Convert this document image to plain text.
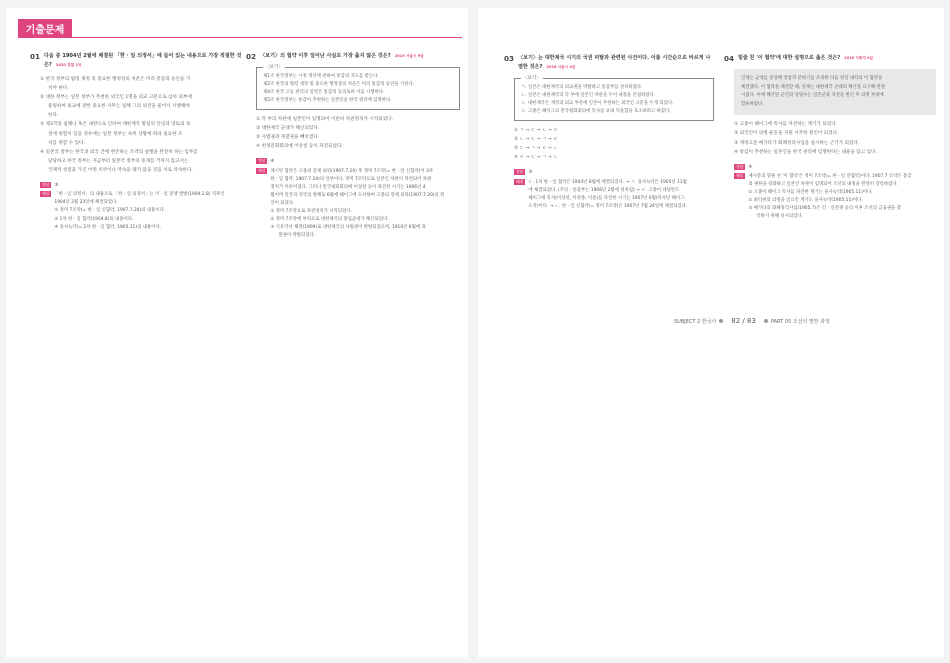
기출문제
01 다음 중 1904년 2월에 체결된 「한 · 일 의정서」에 들어 있는 내용으로 가장 적절한 것은? 2020 경찰 1차
① 한국 정부의 법령 제정 및 중요한 행정상의 처분은 미리 통감의 승인을 거
치야 한다.
② 대한 정부는 일본 정부가 추천한 외국인 1명을 외교 고문으로 삼아 외부에
용빙하여 외교에 관한 중요한 사무는 일체 그의 의견을 물어서 시행해야
한다.
③ 제3국의 침해나 혹은 내란으로 인하여 대한제국 황실의 안녕과 영토의 보
전에 위험이 있을 경우에는 일본 정부는 속히 상황에 따라 필요한 조
치를 취할 수 있다.
④ 일본국 정부는 한국과 외국 간에 현존하는 조약의 실행을 완전히 하는 임무를
담당하고 한국 정부는 지금부터 일본국 정부의 중개를 거치지 않고서는
국제적 성질을 가진 어떤 조약이나 약속을 맺지 않을 것을 서로 약속한다.
정답 ③
해설	「한 · 일 의정서」의 내용으로 「한 · 일 의정서」는 러 · 일 전쟁 발발(1904.2.8) 직후인
1904년 2월 23일에 체결되었다.
① 정미 7조약(= 한 · 일 신협약, 1907.7.24)의 내용이다.
② 1차 한 · 일 협약(1904.8)의 내용이다.
④ 을사늑약(= 2차 한 · 일 협약, 1905.11)의 내용이다.
02 〈보기〉의 협약 이후 일어난 사실로 가장 옳지 않은 것은? 2019 서울시 9급
〈보기〉
제1조 한국정부는 시정 개선에 관하여 통감의 지도를 받는다.
제2조 한국의 법령 제정 및 중요한 행정상의 처분은 미리 통감의 승인을 거친다.
제4조 한국 고등 관리의 임면은 통감의 동의로써 이를 시행한다.
제5조 한국정부는 통감이 추천하는 일본인을 한국 관리에 임명한다.
① 각 부의 차관에 일본인이 임명되어 이른바 차관정치가 시작되었다.
② 대한제국 군대가 해산되었다.
③ 사법권과 경찰권을 빼앗겼다.
④ 헌정문화회의에 이상설 등이 파견되었다.
정답 ④
해설	제시된 협약은 고종의 강제 퇴위(1907.7.20) 후 정미 7조약(= 한 · 일 신협약)이 3차
한 · 일 협약, 1907.7.24)의 일부이다. 정미 7조약으로 일본인 차관이 파견되어 차관
정치가 이루어졌다. 그러나 만국평화회의에 이상설 등이 파견된 시기는 1906년 4
월이며 일본과 영국의 방해로 6월에 헤이그에 도착하여 고종의 강제 퇴위(1907.7.20)의 원
인이 되었다.
① 정미 7조약으로 차관정치가 시작되었다.
② 정미 7조약에 부칙으로 대한제국의 종입군대가 해산되었다.
③ 기유각서 체결(1909)로 대한제국의 사법권이 박탈되었으며, 1910년 6월에 경
찰권이 박탈되었다.
03 〈보기〉는 대한제국 시기의 국권 피탈과 관련된 사건이다. 이를 시간순으로 바르게 나열한 것은? 2018 서울시 9급
〈보기〉
ㄱ. 일본은 대한제국의 외교권을 박탈하고 통감부를 설치하였다.
ㄴ. 일본은 대한제국의 각 부에 일본인 차관을 두어 내정을 간섭하였다.
ㄷ. 대한제국은 재정과 외교 부문에 일본이 추천하는 외국인 고문을 두게 되었다.
ㄹ. 고종은 헤이그의 만국평화회의에 특사를 보내 억울함을 호소하려고 하였다.
① ㄱ → ㄷ → ㄴ → ㄹ
② ㄴ → ㄷ → ㄱ → ㄹ
③ ㄷ → ㄱ → ㄹ → ㄴ
④ ㄹ → ㄷ → ㄱ → ㄴ
정답 ③
해설	ㄷ. 1차 한 · 일 협약은 1904년 8월에 체결되었다. → ㄱ. 을사늑약은 1905년 11월
에 체결되었다. (주의 : 통감부는 1906년 2월에 설치됨) → ㄹ. 고종이 네덜란드
헤이그에 특사(이상설, 이위종, 이준)를 파견한 시기는 1907년 6월(특사단 헤이그
도착)이다. → ㄴ. 한 · 일 신협약(= 정미 7조약)은 1907년 7월 24일에 체결되었다.
04 밑줄 친 '이 협약'에 대한 설명으로 옳은 것은? 2016 지방직 9급
일제는 군대를 증강해 강압적 분위기를 조성한 다음 친일 내각의 이 협약을
체결했다. 이 협약을 체결할 때, 일제는 대한제국 군대의 해산을 요구해 관철
시켰다. 이에 해산된 군인의 상당수는 일본군과 격전을 벌인 후 의병 부대에
합류하였다.
① 고종이 헤이그에 특사를 파견하는 계기가 되었다.
② 외국인이 의병 운동을 지원 시작한 원인이 되었다.
③ 재정고문 메가타가 화폐정리사업을 실시하는 근거가 되었다.
④ 통감이 추천하는 일본인을 한국 관리에 임명한다는 내용을 담고 있다.
정답 ④
해설	제시문의 밑줄 친 '이 협약'은 정미 7조약(= 한 · 일 신협약)이다. 1907.7 조약은 통감
의 권한을 강화하고 일본인 차관이 임명되어 조선의 내정을 완전히 장악하였다.
① 고종이 헤이그 특사를 파견한 계기는 을사늑약(1905.11)이다.
② 최익현의 의병을 일으킨 계기도 을사늑약(1905.11)이다.
③ 메가타의 화폐정리사업(1905.7)은 러 · 일전쟁 승리 이후 조선의 금융권을 장
악하기 위해 실시되었다.
SUBJECT 2 한국사 82 / 83	PART 05 조선의 멸망 과정
